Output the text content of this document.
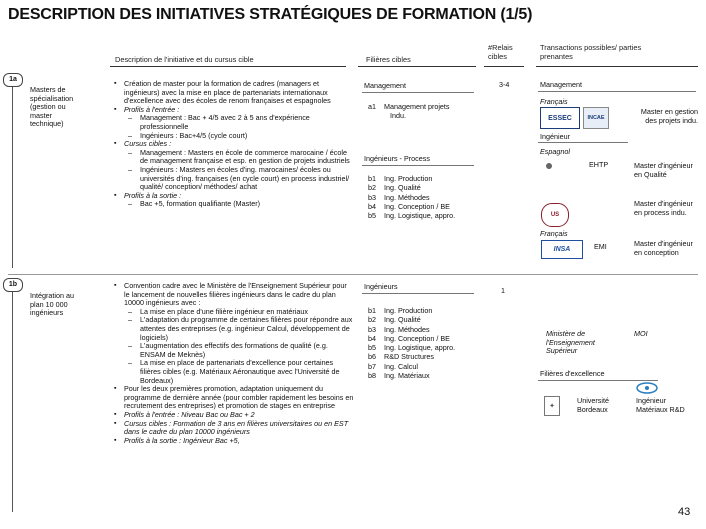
DESCRIPTION DES INITIATIVES STRATÉGIQUES DE FORMATION (1/5)
Description de l'initiative et du cursus cible	Filières cibles
#Relais
cibles
Transactions possibles/ parties
prenantes
1a
Masters de
spécialisation
(gestion ou
master
technique)
▪ Création de master pour la formation de cadres (managers et ingénieurs) avec la mise en place de partenariats internationaux d'excellence avec des écoles de renom françaises et espagnoles
▪ Profils à l'entrée :
– Management : Bac + 4/5 avec 2 à 5 ans d'expérience professionnelle
– Ingénieurs : Bac+4/5 (cycle court)
▪ Cursus cibles :
– Management : Masters en école de commerce marocaine / école de management française et esp. en gestion de projets industriels
– Ingénieurs : Masters en écoles d'ing. marocaines/ écoles ou universités d'ing. françaises (en cycle court) en process industriel/ qualité/ conception/ méthodes/ achat
▪ Profils à la sortie :
– Bac +5, formation qualifiante (Master)
Management
a1 Management projets
Indu.
Ingénieurs - Process
b1 Ing. Production
b2 Ing. Qualité
b3 Ing. Méthodes
b4 Ing. Conception / BE
b5 Ing. Logistique, appro.
3-4	Management
Français
ESSEC	INCAE
Master en gestion des projets indu.
Ingénieur
Espagnol
EHTP	Master d'ingénieur en Qualité
US
Master d'ingénieur en process indu.
Français
INSA	EMI	Master d'ingénieur en conception
1b
Intégration au
plan 10 000
ingénieurs
▪ Convention cadre avec le Ministère de l'Enseignement Supérieur pour le lancement de nouvelles filières ingénieurs dans le cadre du plan 10000 ingénieurs avec :
– La mise en place d'une filière ingénieur en matériaux
– L'adaptation du programme de certaines filières pour répondre aux attentes des entreprises (e.g. ingénieur Calcul, développement de logiciels)
– L'augmentation des effectifs des formations de qualité (e.g. ENSAM de Meknès)
– La mise en place de partenariats d'excellence pour certaines filières cibles (e.g. Matériaux Aéronautique avec l'Université de Bordeaux)
▪ Pour les deux premières promotion, adaptation uniquement du programme de dernière année (pour combler rapidement les besoins en recrutement des entreprises) et promotion de stages en entreprise
▪ Profils à l'entrée : Niveau Bac ou Bac + 2
▪ Cursus cibles : Formation de 3 ans en filières universitaires ou en EST dans le cadre du plan 10000 ingénieurs
▪ Profils à la sortie : Ingénieur Bac +5,
Ingénieurs
b1 Ing. Production
b2 Ing. Qualité
b3 Ing. Méthodes
b4 Ing. Conception / BE
b5 Ing. Logistique, appro.
b6 R&D Structures
b7 Ing. Calcul
b8 Ing. Matériaux
1
Ministère de l'Enseignement Supérieur
MOI
Filières d'excellence
✦
Université Bordeaux
Ingénieur Matériaux R&D
43
